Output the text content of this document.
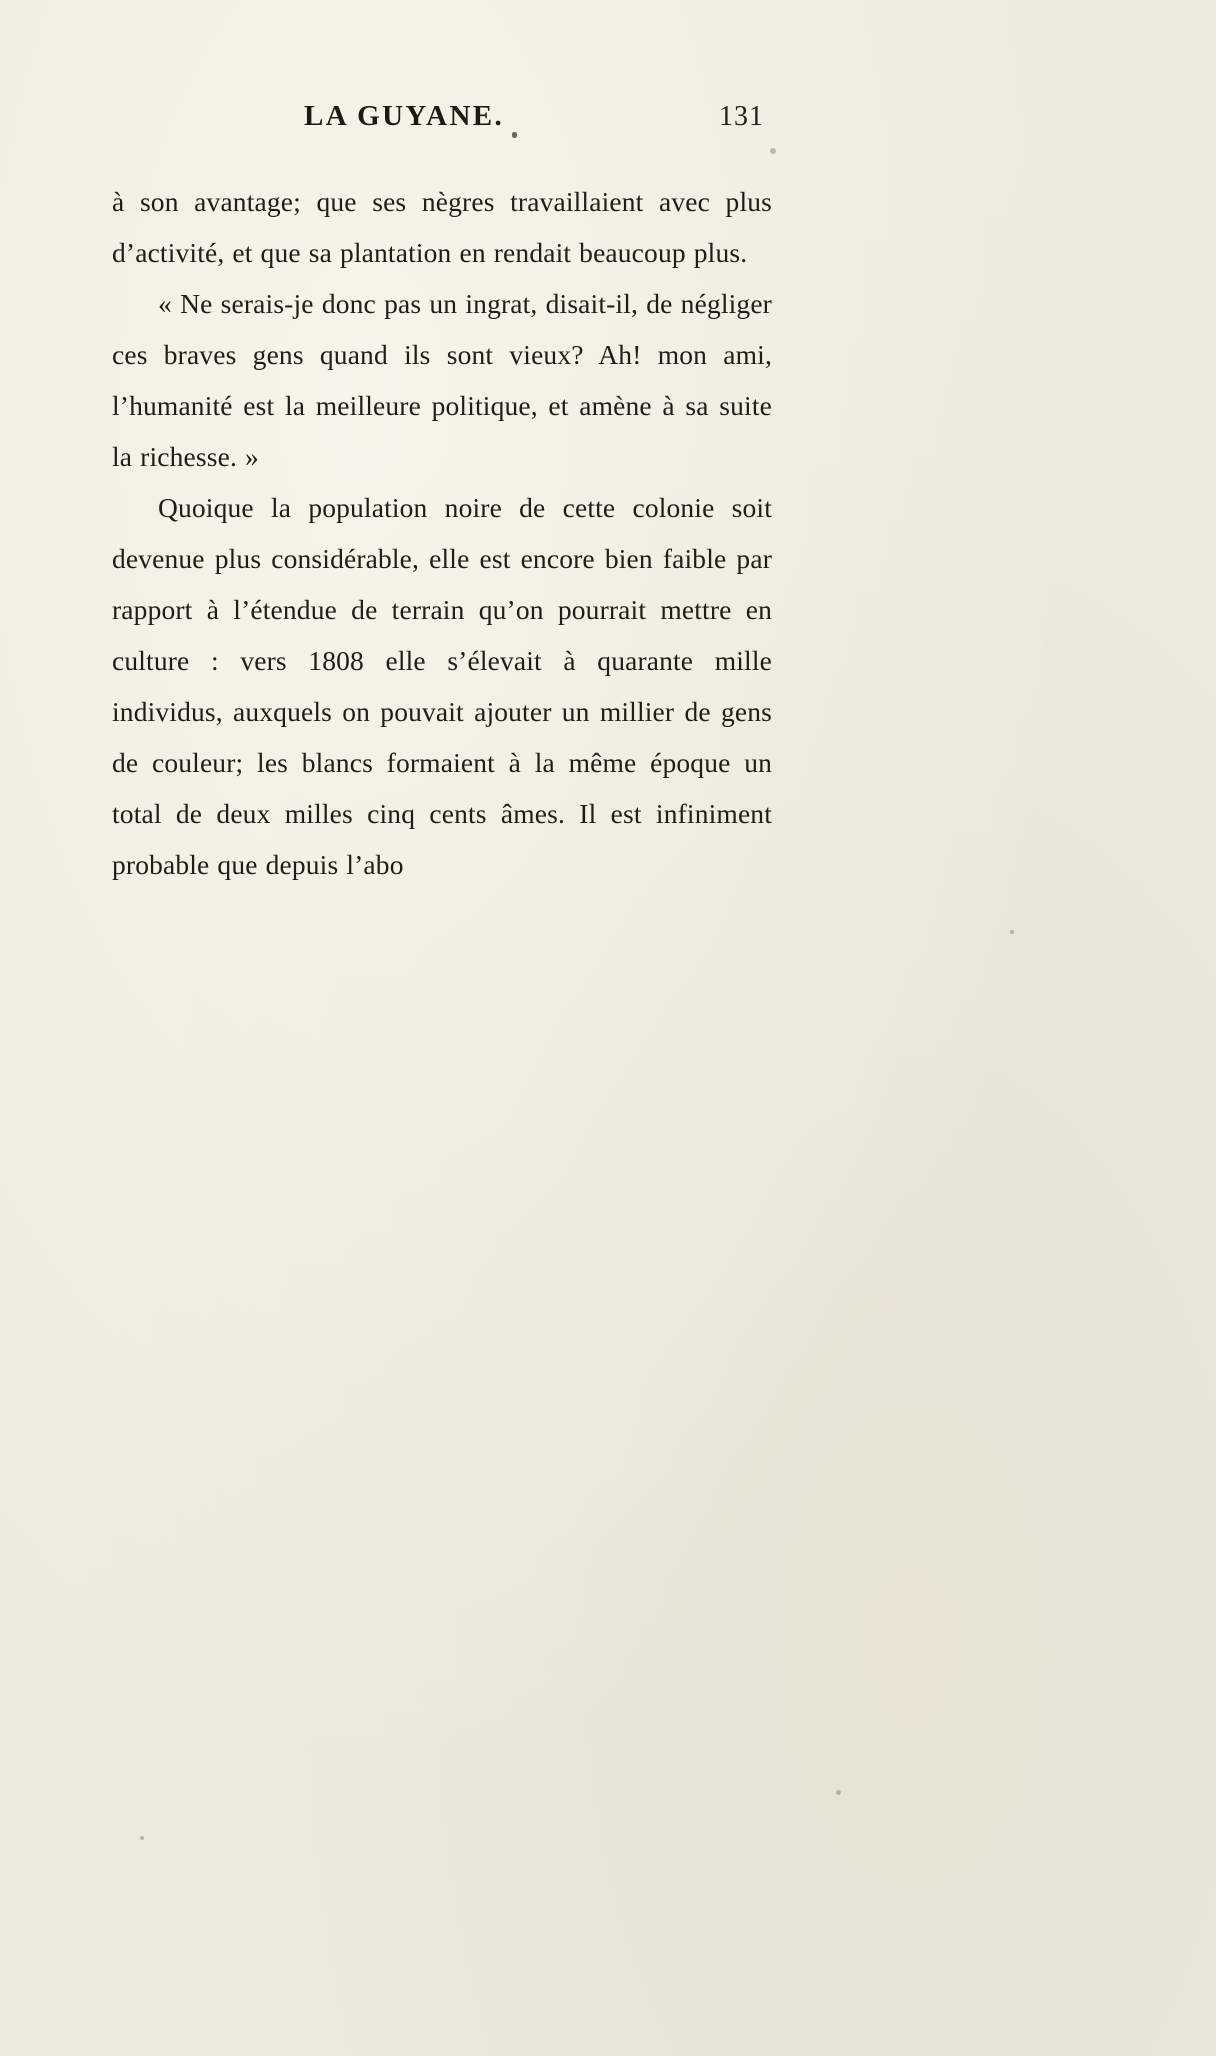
LA GUYANE.	131

à son avantage; que ses nègres travaillaient avec plus d’activité, et que sa plantation en rendait beaucoup plus.

« Ne serais-je donc pas un ingrat, disait-il, de négliger ces braves gens quand ils sont vieux? Ah! mon ami, l’humanité est la meilleure politique, et amène à sa suite la richesse. »

Quoique la population noire de cette colonie soit devenue plus considérable, elle est encore bien faible par rapport à l’étendue de terrain qu’on pourrait mettre en culture : vers 1808 elle s’élevait à quarante mille individus, auxquels on pouvait ajouter un millier de gens de couleur; les blancs formaient à la même époque un total de deux milles cinq cents âmes. Il est infiniment probable que depuis l’abo
